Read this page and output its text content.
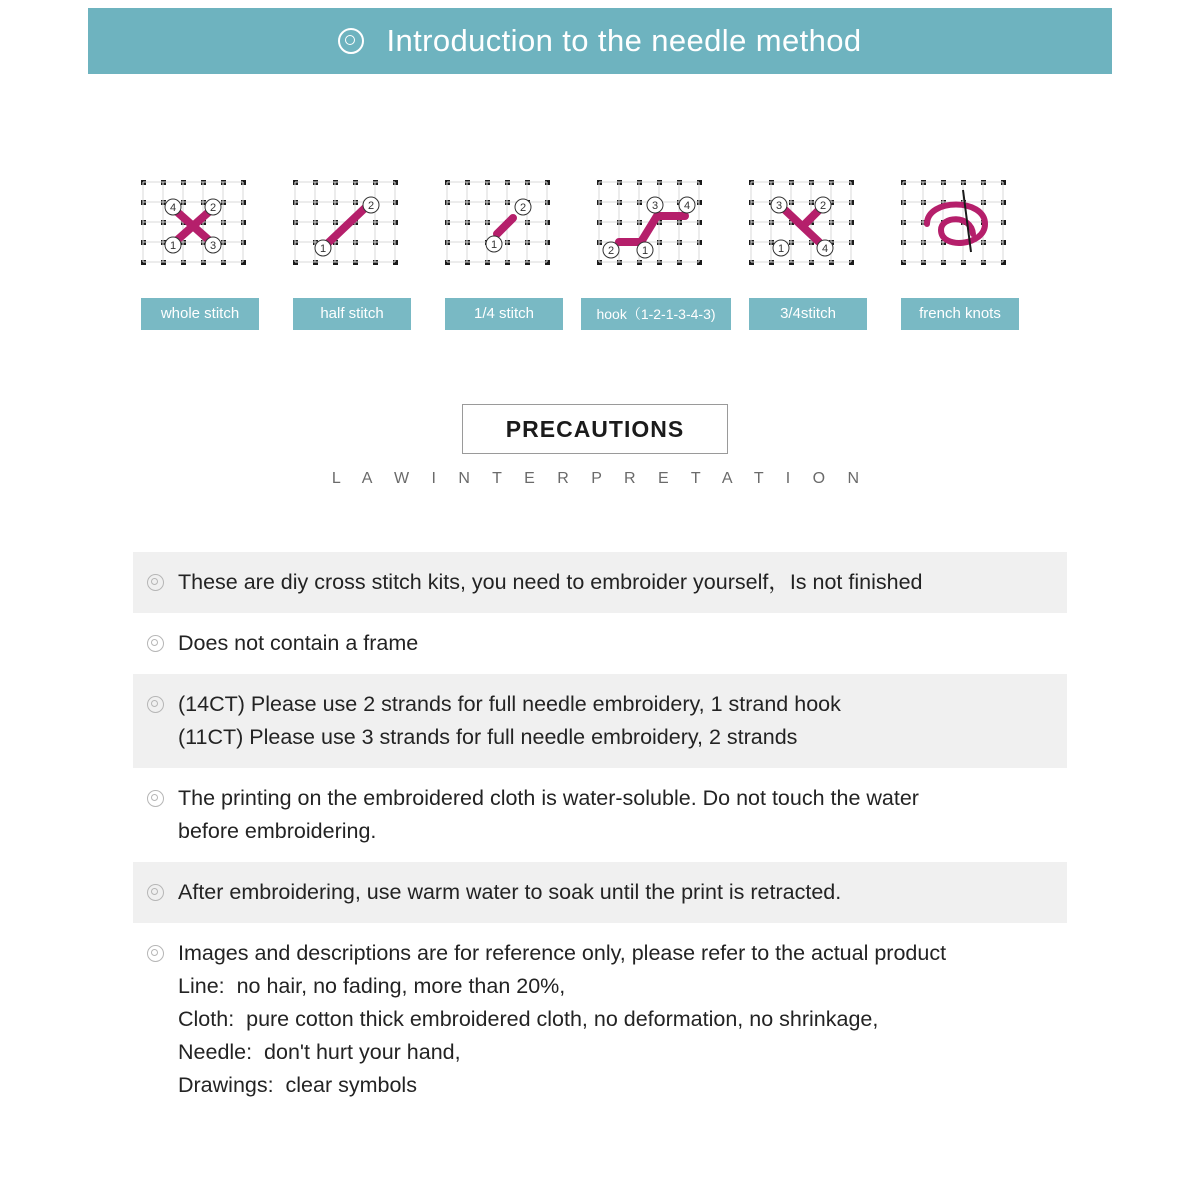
Introduction to the needle method
4	2
1	3
whole stitch
2
1
half stitch
2
1
1/4 stitch
3 4
2	1
hook（1-2-1-3-4-3)
3	2
1	4
3/4stitch	french knots
PRECAUTIONS
L A W I N T E R P R E T A T I O N
These are diy cross stitch kits, you need to embroider yourself，Is not finished
Does not contain a frame
(14CT) Please use 2 strands for full needle embroidery, 1 strand hook
(11CT) Please use 3 strands for full needle embroidery, 2 strands
The printing on the embroidered cloth is water-soluble. Do not touch the water
before embroidering.
After embroidering, use warm water to soak until the print is retracted.
Images and descriptions are for reference only, please refer to the actual product
Line:  no hair, no fading, more than 20%,
Cloth:  pure cotton thick embroidered cloth, no deformation, no shrinkage,
Needle:  don't hurt your hand,
Drawings:  clear symbols
